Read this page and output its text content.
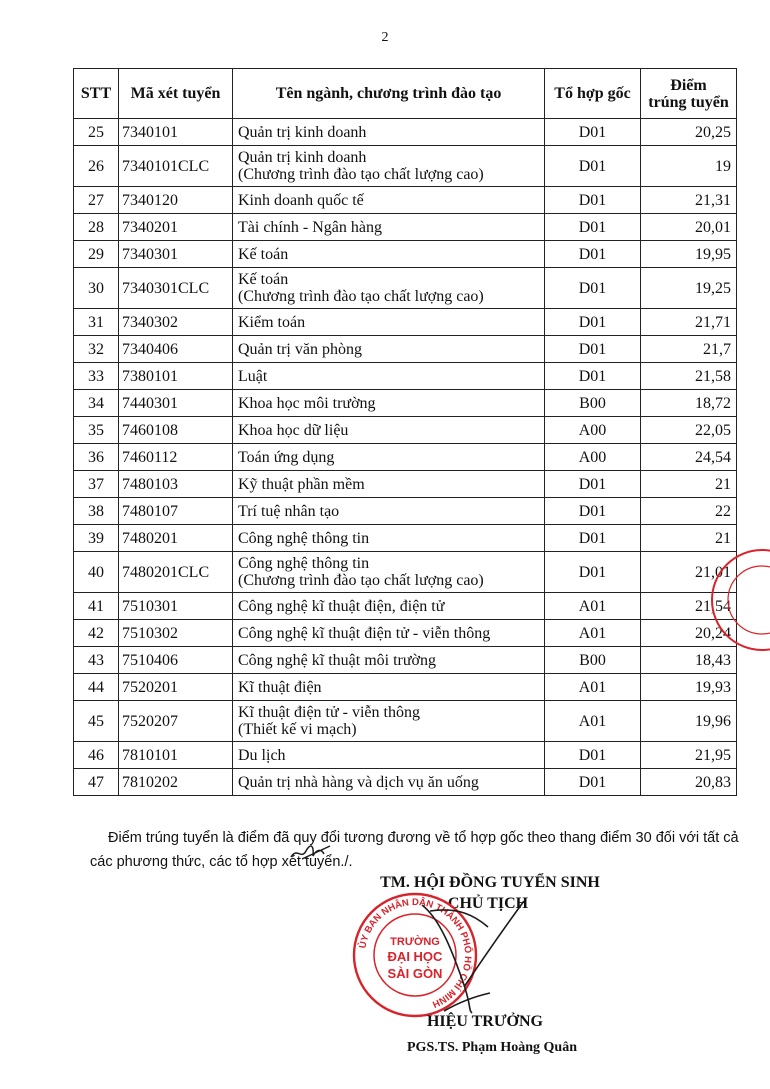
2
STT	Mã xét tuyển	Tên ngành, chương trình đào tạo	Tổ hợp gốc	Điểm
trúng tuyển

25	7340101	Quản trị kinh doanh	D01	20,25
26	7340101CLC	Quản trị kinh doanh
(Chương trình đào tạo chất lượng cao)	D01	19
27	7340120	Kinh doanh quốc tế	D01	21,31
28	7340201	Tài chính - Ngân hàng	D01	20,01
29	7340301	Kế toán	D01	19,95
30	7340301CLC	Kế toán
(Chương trình đào tạo chất lượng cao)	D01	19,25
31	7340302	Kiểm toán	D01	21,71
32	7340406	Quản trị văn phòng	D01	21,7
33	7380101	Luật	D01	21,58
34	7440301	Khoa học môi trường	B00	18,72
35	7460108	Khoa học dữ liệu	A00	22,05
36	7460112	Toán ứng dụng	A00	24,54
37	7480103	Kỹ thuật phần mềm	D01	21
38	7480107	Trí tuệ nhân tạo	D01	22
39	7480201	Công nghệ thông tin	D01	21
40	7480201CLC	Công nghệ thông tin
(Chương trình đào tạo chất lượng cao)	D01	21,01
41	7510301	Công nghệ kĩ thuật điện, điện tử	A01	21,54
42	7510302	Công nghệ kĩ thuật điện tử - viễn thông	A01	20,24
43	7510406	Công nghệ kĩ thuật môi trường	B00	18,43
44	7520201	Kĩ thuật điện	A01	19,93
45	7520207	Kĩ thuật điện tử - viễn thông
(Thiết kế vi mạch)	A01	19,96
46	7810101	Du lịch	D01	21,95
47	7810202	Quản trị nhà hàng và dịch vụ ăn uống	D01	20,83
Điểm trúng tuyển là điểm đã quy đổi tương đương về tổ hợp gốc theo thang điểm 30 đối với tất cả các phương thức, các tổ hợp xét tuyển./.
TM. HỘI ĐỒNG TUYỂN SINH
CHỦ TỊCH
ỦY BAN NHÂN DÂN THÀNH PHỐ HỒ CHÍ MINH
TRƯỜNG
ĐẠI HỌC
SÀI GÒN
HIỆU TRƯỞNG
PGS.TS. Phạm Hoàng Quân
